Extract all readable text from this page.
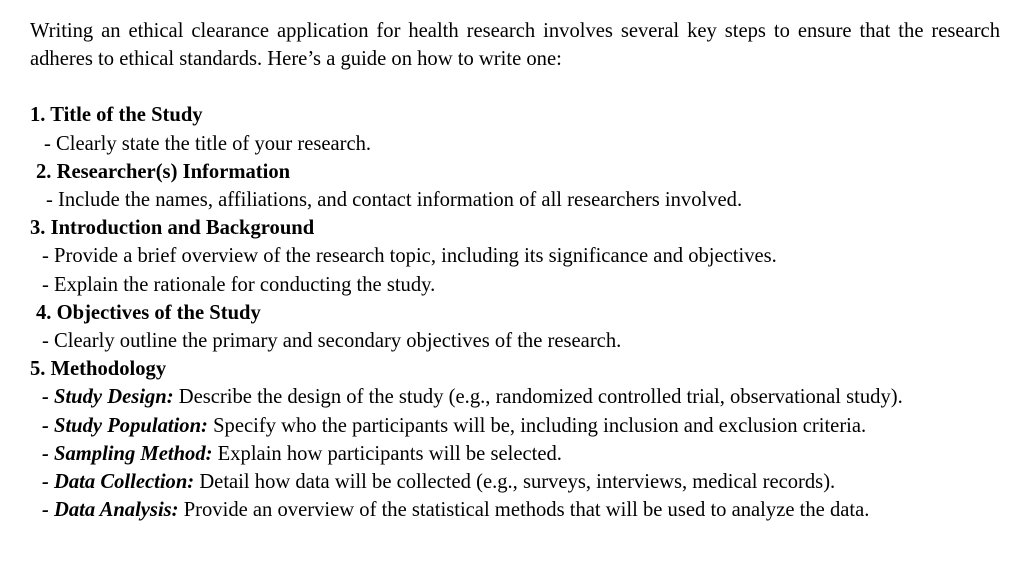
Writing an ethical clearance application for health research involves several key steps to ensure that the research adheres to ethical standards. Here’s a guide on how to write one:

1. Title of the Study
- Clearly state the title of your research.
2. Researcher(s) Information
- Include the names, affiliations, and contact information of all researchers involved.
3. Introduction and Background
- Provide a brief overview of the research topic, including its significance and objectives.
- Explain the rationale for conducting the study.
4. Objectives of the Study
- Clearly outline the primary and secondary objectives of the research.
5. Methodology

- Study Design: Describe the design of the study (e.g., randomized controlled trial, observational study).

- Study Population: Specify who the participants will be, including inclusion and exclusion criteria.
- Sampling Method: Explain how participants will be selected.
- Data Collection: Detail how data will be collected (e.g., surveys, interviews, medical records).
- Data Analysis: Provide an overview of the statistical methods that will be used to analyze the data.
